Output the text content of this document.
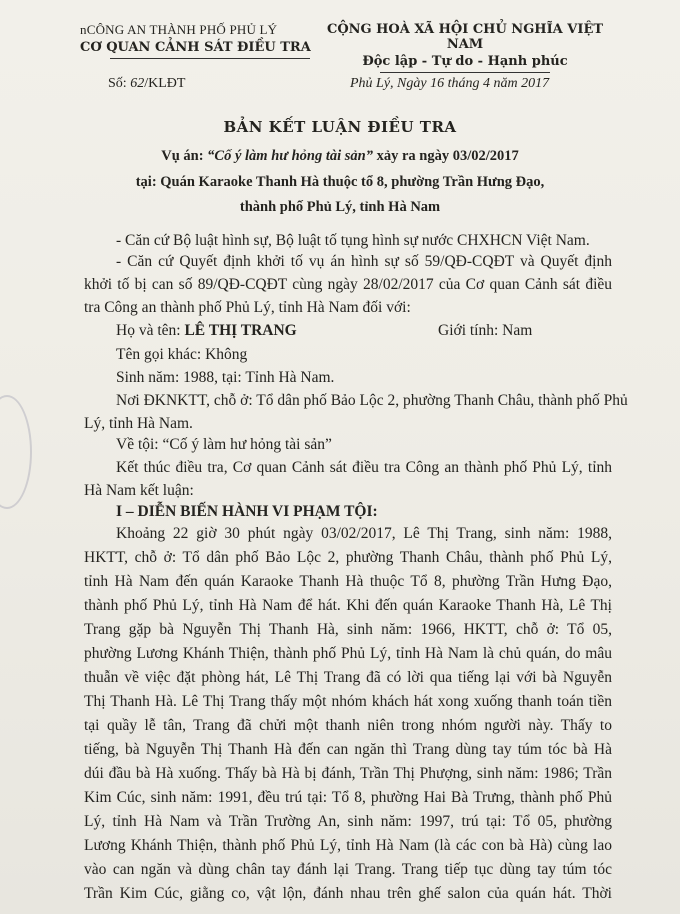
nCÔNG AN THÀNH PHỐ PHỦ LÝ
CƠ QUAN CẢNH SÁT ĐIỀU TRA
CỘNG HOÀ XÃ HỘI CHỦ NGHĨA VIỆT NAM
Độc lập - Tự do - Hạnh phúc
Số: 62/KLĐT	Phủ Lý, Ngày 16 tháng 4 năm 2017
BẢN KẾT LUẬN ĐIỀU TRA
Vụ án: “Cố ý làm hư hỏng tài sản” xảy ra ngày 03/02/2017
tại: Quán Karaoke Thanh Hà thuộc tổ 8, phường Trần Hưng Đạo,
thành phố Phủ Lý, tỉnh Hà Nam
- Căn cứ Bộ luật hình sự, Bộ luật tố tụng hình sự nước CHXHCN Việt Nam.
- Căn cứ Quyết định khởi tố vụ án hình sự số 59/QĐ-CQĐT và Quyết định
khởi tố bị can số 89/QĐ-CQĐT cùng ngày 28/02/2017 của Cơ quan Cảnh sát điều
tra Công an thành phố Phủ Lý, tỉnh Hà Nam đối với:
Họ và tên: LÊ THỊ TRANG	Giới tính: Nam
Tên gọi khác: Không
Sinh năm: 1988, tại: Tỉnh Hà Nam.
Nơi ĐKNKTT, chỗ ở: Tổ dân phố Bảo Lộc 2, phường Thanh Châu, thành phố Phủ
Lý, tỉnh Hà Nam.
Về tội: “Cố ý làm hư hỏng tài sản”
Kết thúc điều tra, Cơ quan Cảnh sát điều tra Công an thành phố Phủ Lý, tỉnh
Hà Nam kết luận:
I – DIỄN BIẾN HÀNH VI PHẠM TỘI:
Khoảng 22 giờ 30 phút ngày 03/02/2017, Lê Thị Trang, sinh năm: 1988,
HKTT, chỗ ở: Tổ dân phố Bảo Lộc 2, phường Thanh Châu, thành phố Phủ Lý,
tỉnh Hà Nam đến quán Karaoke Thanh Hà thuộc Tổ 8, phường Trần Hưng Đạo,
thành phố Phủ Lý, tỉnh Hà Nam để hát. Khi đến quán Karaoke Thanh Hà, Lê Thị
Trang gặp bà Nguyễn Thị Thanh Hà, sinh năm: 1966, HKTT, chỗ ở: Tổ 05,
phường Lương Khánh Thiện, thành phố Phủ Lý, tỉnh Hà Nam là chủ quán, do mâu
thuẫn về việc đặt phòng hát, Lê Thị Trang đã có lời qua tiếng lại với bà Nguyễn
Thị Thanh Hà. Lê Thị Trang thấy một nhóm khách hát xong xuống thanh toán tiền
tại quầy lễ tân, Trang đã chửi một thanh niên trong nhóm người này. Thấy to
tiếng, bà Nguyễn Thị Thanh Hà đến can ngăn thì Trang dùng tay túm tóc bà Hà
dúi đầu bà Hà xuống. Thấy bà Hà bị đánh, Trần Thị Phượng, sinh năm: 1986; Trần
Kim Cúc, sinh năm: 1991, đều trú tại: Tổ 8, phường Hai Bà Trưng, thành phố Phủ
Lý, tỉnh Hà Nam và Trần Trường An, sinh năm: 1997, trú tại: Tổ 05, phường
Lương Khánh Thiện, thành phố Phủ Lý, tỉnh Hà Nam (là các con bà Hà) cùng lao
vào can ngăn và dùng chân tay đánh lại Trang. Trang tiếp tục dùng tay túm tóc
Trần Kim Cúc, giằng co, vật lộn, đánh nhau trên ghế salon của quán hát. Thời
